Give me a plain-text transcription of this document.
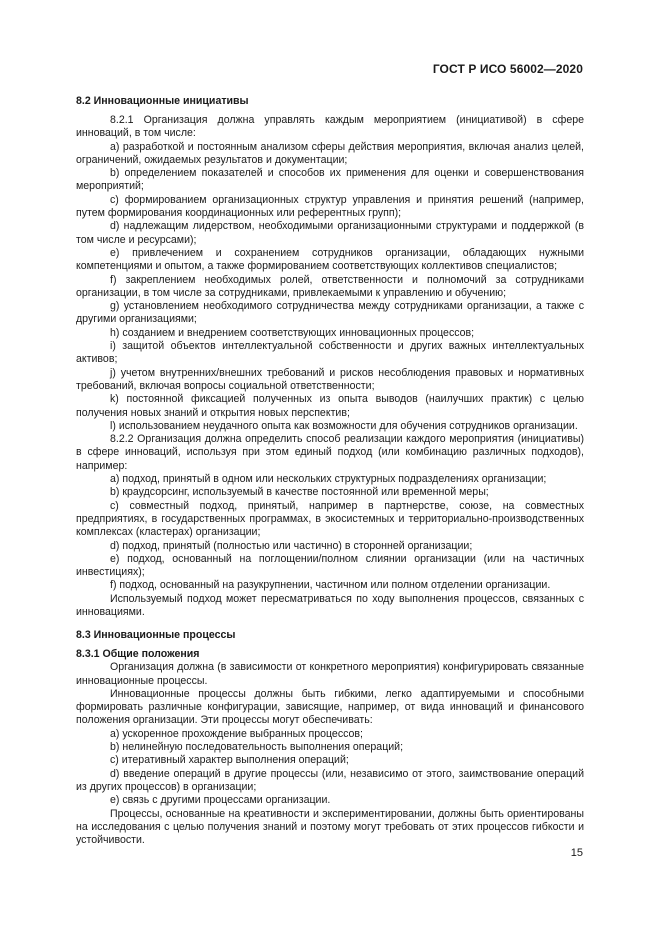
ГОСТ Р ИСО 56002—2020
8.2 Инновационные инициативы

8.2.1 Организация должна управлять каждым мероприятием (инициативой) в сфере инноваций, в том числе:

a) разработкой и постоянным анализом сферы действия мероприятия, включая анализ целей, ограничений, ожидаемых результатов и документации;

b) определением показателей и способов их применения для оценки и совершенствования мероприятий;

c) формированием организационных структур управления и принятия решений (например, путем формирования координационных или референтных групп);

d) надлежащим лидерством, необходимыми организационными структурами и поддержкой (в том числе и ресурсами);

e) привлечением и сохранением сотрудников организации, обладающих нужными компетенциями и опытом, а также формированием соответствующих коллективов специалистов;

f) закреплением необходимых ролей, ответственности и полномочий за сотрудниками организации, в том числе за сотрудниками, привлекаемыми к управлению и обучению;

g) установлением необходимого сотрудничества между сотрудниками организации, а также с другими организациями;

h) созданием и внедрением соответствующих инновационных процессов;

i) защитой объектов интеллектуальной собственности и других важных интеллектуальных активов;

j) учетом внутренних/внешних требований и рисков несоблюдения правовых и нормативных требований, включая вопросы социальной ответственности;

k) постоянной фиксацией полученных из опыта выводов (наилучших практик) с целью получения новых знаний и открытия новых перспектив;

l) использованием неудачного опыта как возможности для обучения сотрудников организации.

8.2.2 Организация должна определить способ реализации каждого мероприятия (инициативы) в сфере инноваций, используя при этом единый подход (или комбинацию различных подходов), например:

a) подход, принятый в одном или нескольких структурных подразделениях организации;

b) краудсорсинг, используемый в качестве постоянной или временной меры;

c) совместный подход, принятый, например в партнерстве, союзе, на совместных предприятиях, в государственных программах, в экосистемных и территориально-производственных комплексах (кластерах) организации;

d) подход, принятый (полностью или частично) в сторонней организации;

e) подход, основанный на поглощении/полном слиянии организации (или на частичных инвестициях);

f) подход, основанный на разукрупнении, частичном или полном отделении организации.

Используемый подход может пересматриваться по ходу выполнения процессов, связанных с инновациями.

8.3 Инновационные процессы
8.3.1 Общие положения

Организация должна (в зависимости от конкретного мероприятия) конфигурировать связанные инновационные процессы.

Инновационные процессы должны быть гибкими, легко адаптируемыми и способными формировать различные конфигурации, зависящие, например, от вида инноваций и финансового положения организации. Эти процессы могут обеспечивать:

a) ускоренное прохождение выбранных процессов;

b) нелинейную последовательность выполнения операций;

c) итеративный характер выполнения операций;

d) введение операций в другие процессы (или, независимо от этого, заимствование операций из других процессов) в организации;

e) связь с другими процессами организации.

Процессы, основанные на креативности и экспериментировании, должны быть ориентированы на исследования с целью получения знаний и поэтому могут требовать от этих процессов гибкости и устойчивости.

15
